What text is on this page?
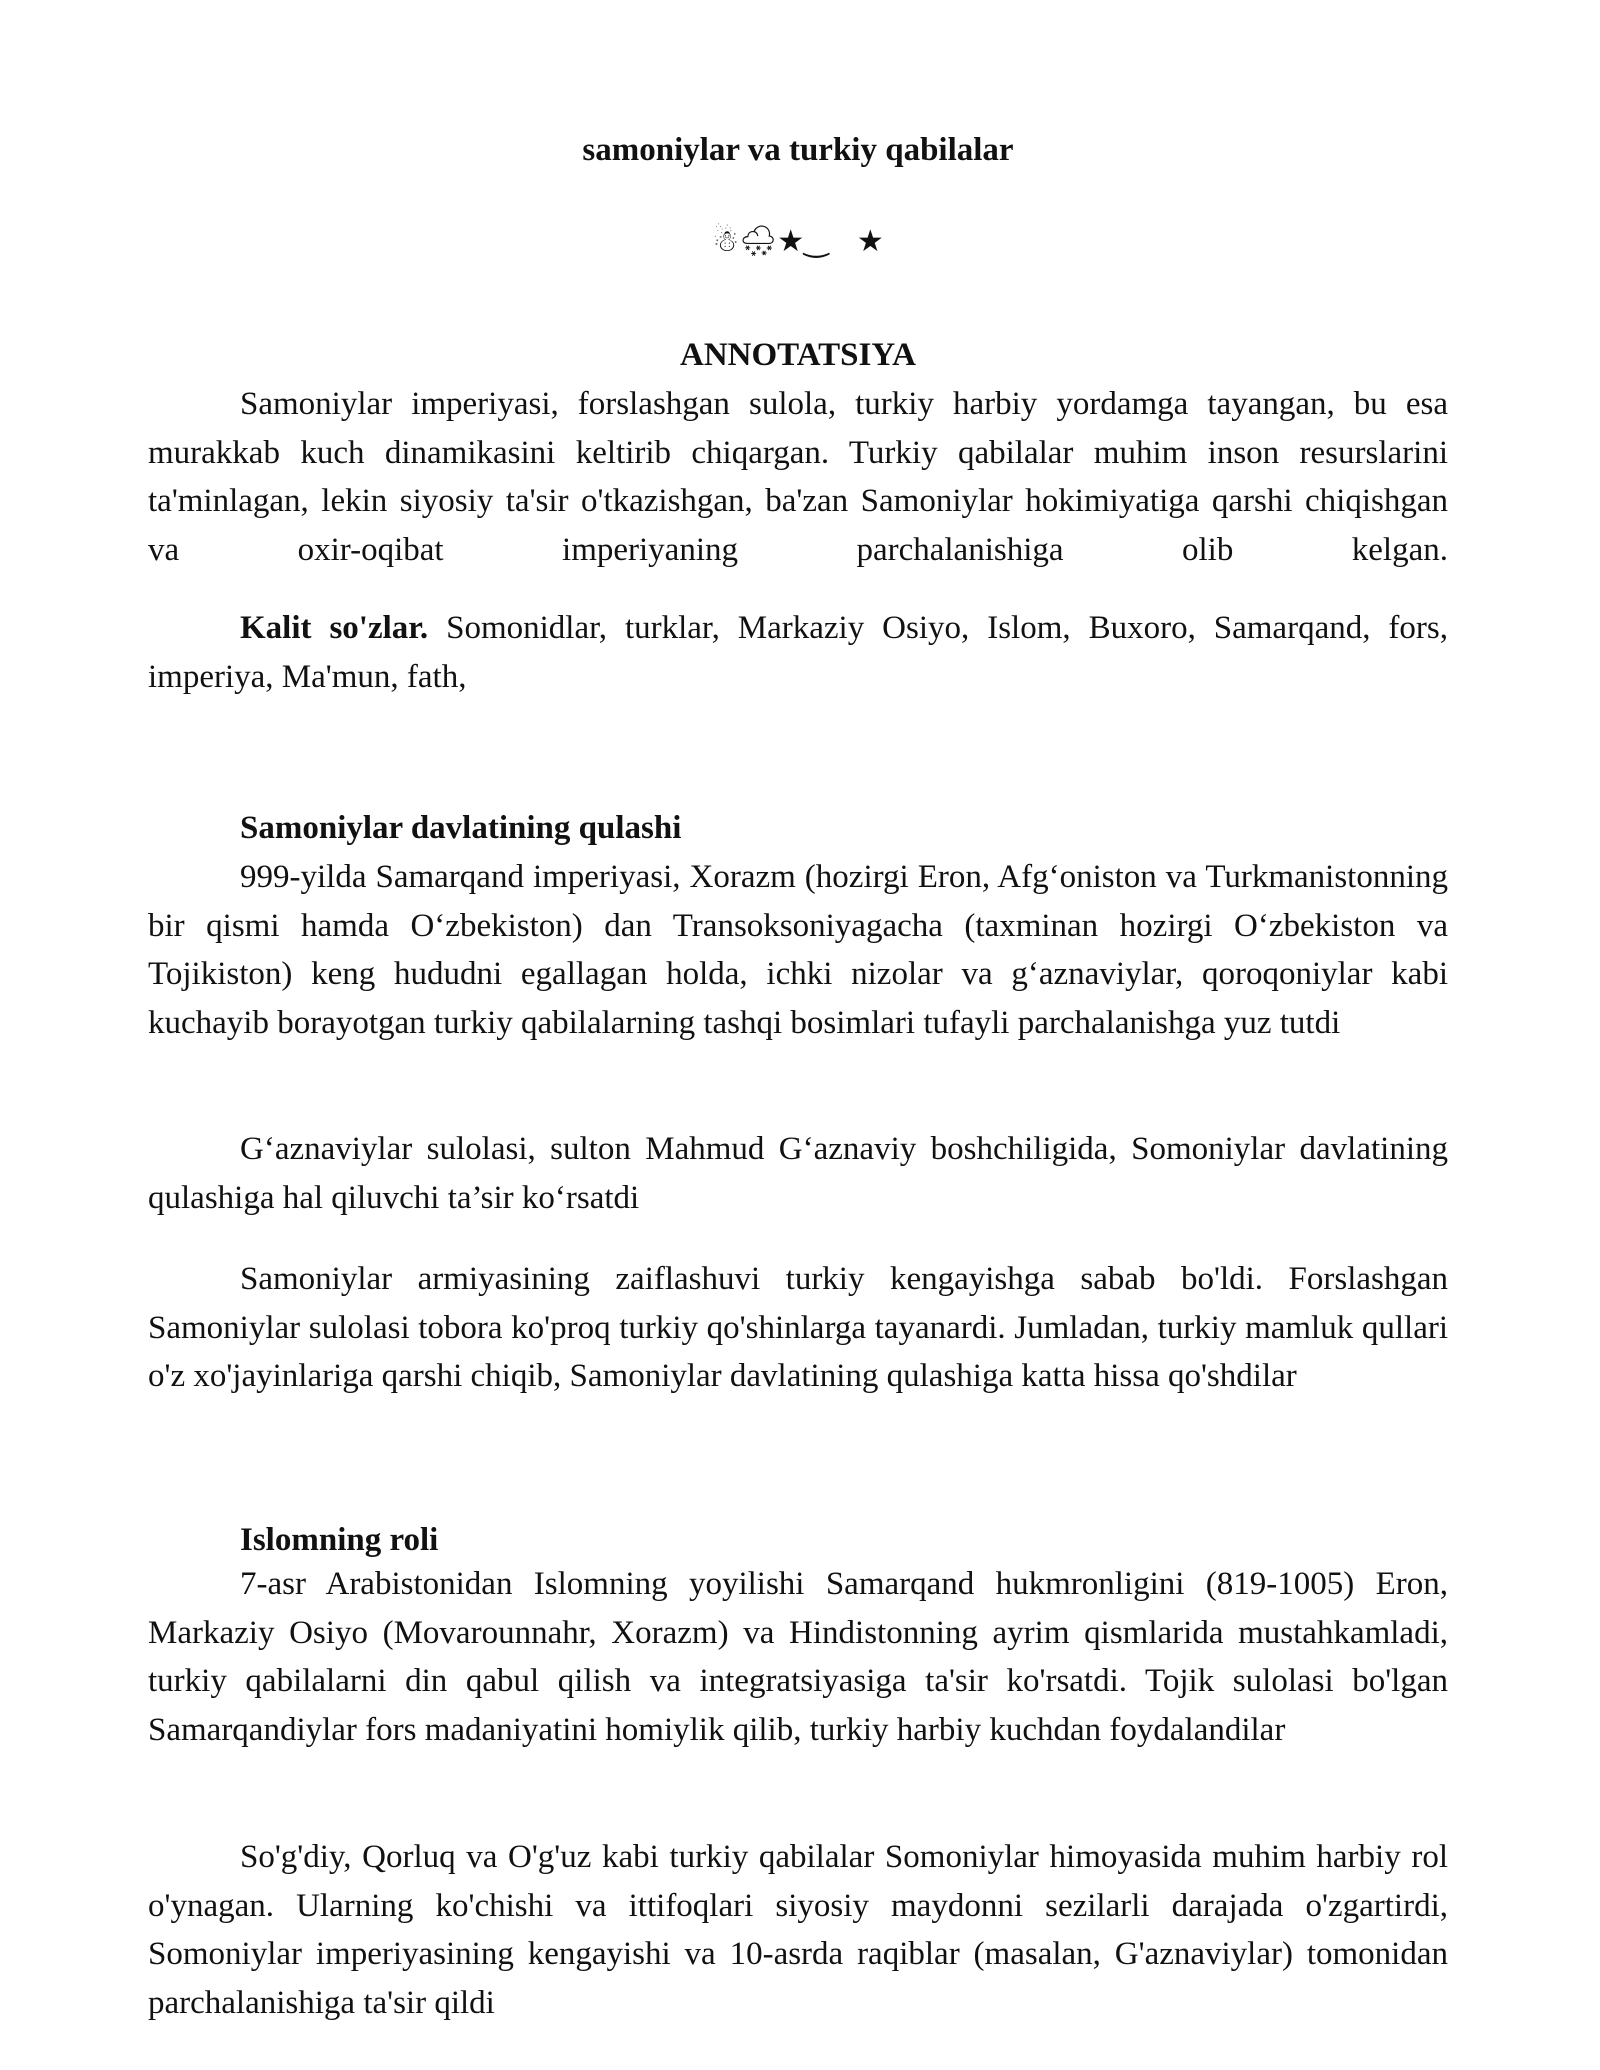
samoniylar va turkiy qabilalar
☃🌨★‿   ★
ANNOTATSIYA

Samoniylar imperiyasi, forslashgan sulola, turkiy harbiy yordamga tayangan, bu esa murakkab kuch dinamikasini keltirib chiqargan. Turkiy qabilalar muhim inson resurslarini ta'minlagan, lekin siyosiy ta'sir o'tkazishgan, ba'zan Samoniylar hokimiyatiga qarshi chiqishgan va oxir-oqibat imperiyaning parchalanishiga olib kelgan.

Kalit so'zlar. Somonidlar, turklar, Markaziy Osiyo, Islom, Buxoro, Samarqand, fors, imperiya, Ma'mun, fath,

Samoniylar davlatining qulashi

999-yilda Samarqand imperiyasi, Xorazm (hozirgi Eron, Afgʻoniston va Turkmanistonning bir qismi hamda Oʻzbekiston) dan Transoksoniyagacha (taxminan hozirgi Oʻzbekiston va Tojikiston) keng hududni egallagan holda, ichki nizolar va gʻaznaviylar, qoroqoniylar kabi kuchayib borayotgan turkiy qabilalarning tashqi bosimlari tufayli parchalanishga yuz tutdi

Gʻaznaviylar sulolasi, sulton Mahmud Gʻaznaviy boshchiligida, Somoniylar davlatining qulashiga hal qiluvchi ta’sir koʻrsatdi

Samoniylar armiyasining zaiflashuvi turkiy kengayishga sabab bo'ldi. Forslashgan Samoniylar sulolasi tobora ko'proq turkiy qo'shinlarga tayanardi. Jumladan, turkiy mamluk qullari o'z xo'jayinlariga qarshi chiqib, Samoniylar davlatining qulashiga katta hissa qo'shdilar

Islomning roli

7-asr Arabistonidan Islomning yoyilishi Samarqand hukmronligini (819-1005) Eron, Markaziy Osiyo (Movarounnahr, Xorazm) va Hindistonning ayrim qismlarida mustahkamladi, turkiy qabilalarni din qabul qilish va integratsiyasiga ta'sir ko'rsatdi. Tojik sulolasi bo'lgan Samarqandiylar fors madaniyatini homiylik qilib, turkiy harbiy kuchdan foydalandilar

So'g'diy, Qorluq va O'g'uz kabi turkiy qabilalar Somoniylar himoyasida muhim harbiy rol o'ynagan. Ularning ko'chishi va ittifoqlari siyosiy maydonni sezilarli darajada o'zgartirdi, Somoniylar imperiyasining kengayishi va 10-asrda raqiblar (masalan, G'aznaviylar) tomonidan parchalanishiga ta'sir qildi
